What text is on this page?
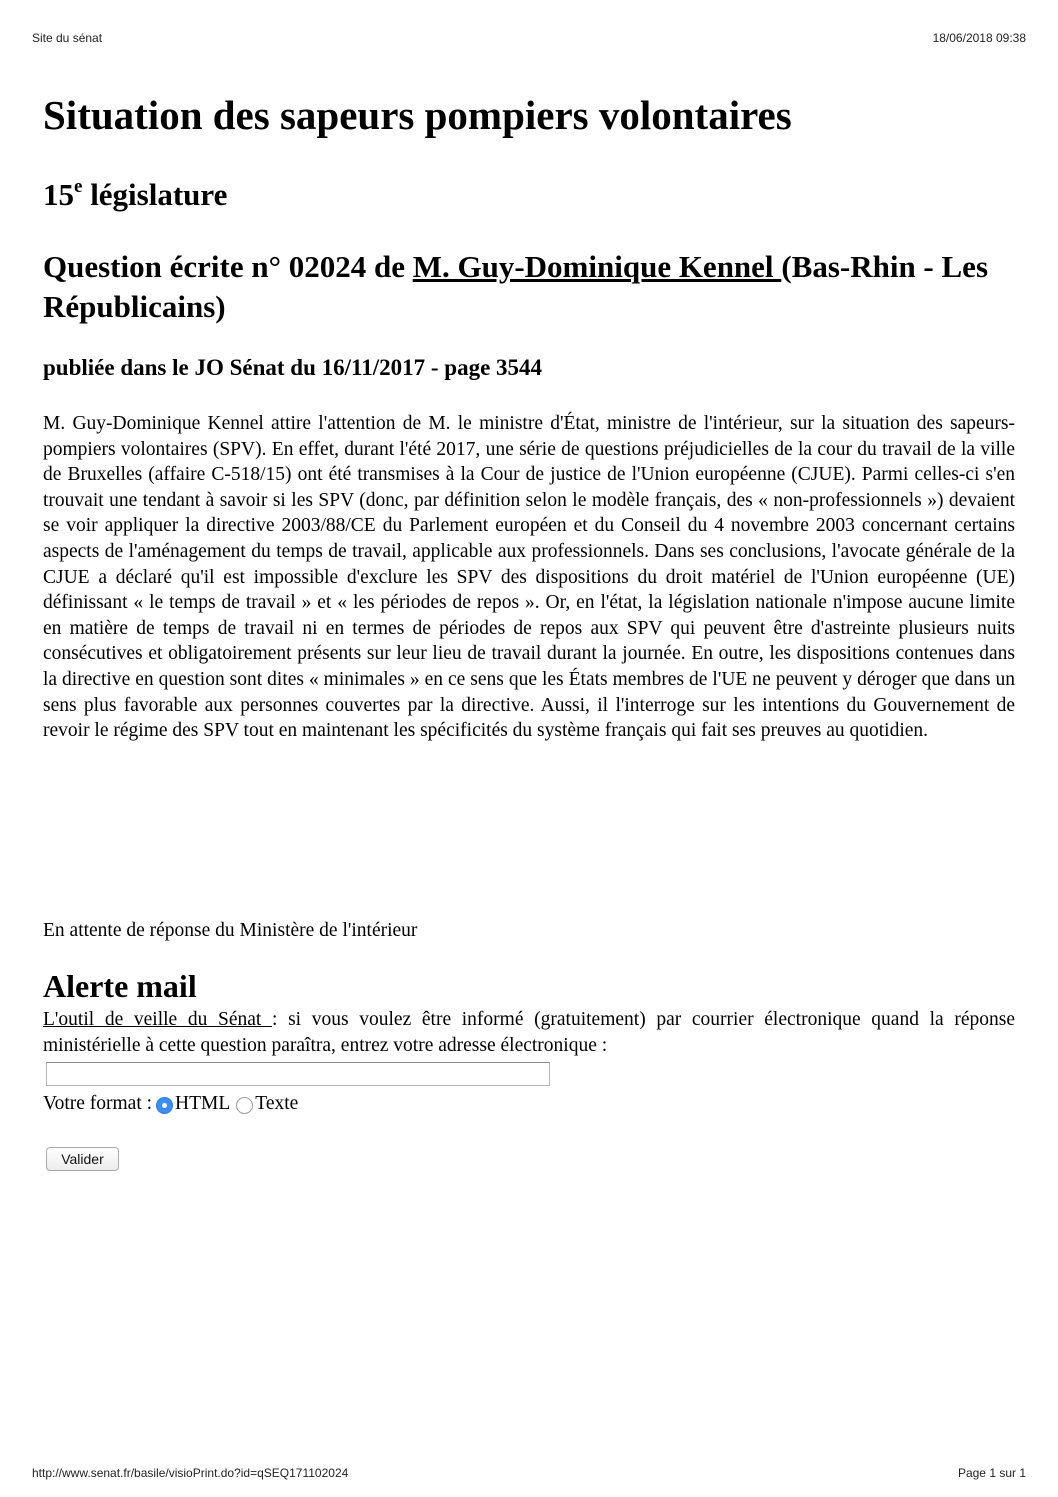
Site du sénat	18/06/2018 09:38
Situation des sapeurs pompiers volontaires
15e législature
Question écrite n° 02024 de M. Guy-Dominique Kennel (Bas-Rhin - Les Républicains)
publiée dans le JO Sénat du 16/11/2017 - page 3544

M. Guy-Dominique Kennel attire l'attention de M. le ministre d'État, ministre de l'intérieur, sur la situation des sapeurs-pompiers volontaires (SPV). En effet, durant l'été 2017, une série de questions préjudicielles de la cour du travail de la ville de Bruxelles (affaire C-518/15) ont été transmises à la Cour de justice de l'Union européenne (CJUE). Parmi celles-ci s'en trouvait une tendant à savoir si les SPV (donc, par définition selon le modèle français, des « non-professionnels ») devaient se voir appliquer la directive 2003/88/CE du Parlement européen et du Conseil du 4 novembre 2003 concernant certains aspects de l'aménagement du temps de travail, applicable aux professionnels. Dans ses conclusions, l'avocate générale de la CJUE a déclaré qu'il est impossible d'exclure les SPV des dispositions du droit matériel de l'Union européenne (UE) définissant « le temps de travail » et « les périodes de repos ». Or, en l'état, la législation nationale n'impose aucune limite en matière de temps de travail ni en termes de périodes de repos aux SPV qui peuvent être d'astreinte plusieurs nuits consécutives et obligatoirement présents sur leur lieu de travail durant la journée. En outre, les dispositions contenues dans la directive en question sont dites « minimales » en ce sens que les États membres de l'UE ne peuvent y déroger que dans un sens plus favorable aux personnes couvertes par la directive. Aussi, il l'interroge sur les intentions du Gouvernement de revoir le régime des SPV tout en maintenant les spécificités du système français qui fait ses preuves au quotidien.

En attente de réponse du Ministère de l'intérieur

Alerte mail

L'outil de veille du Sénat : si vous voulez être informé (gratuitement) par courrier électronique quand la réponse ministérielle à cette question paraîtra, entrez votre adresse électronique :

Votre format : HTML Texte
Valider
http://www.senat.fr/basile/visioPrint.do?id=qSEQ171102024	Page 1 sur 1
